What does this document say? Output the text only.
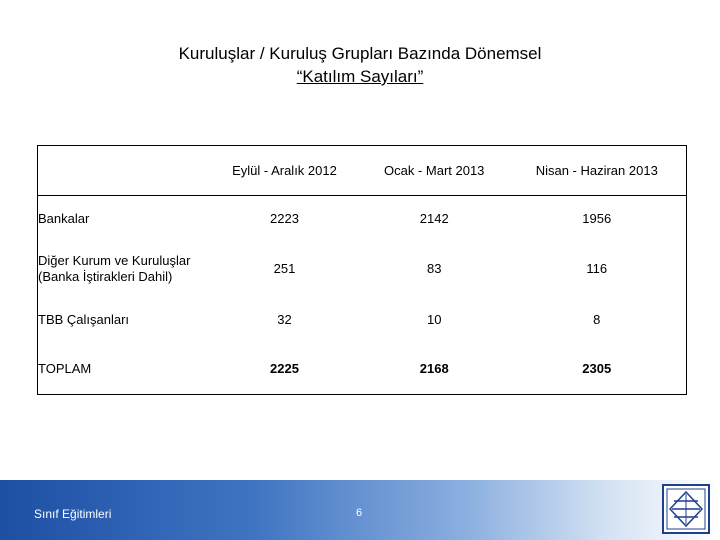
Kuruluşlar / Kuruluş Grupları Bazında Dönemsel
“Katılım Sayıları”
	Eylül - Aralık 2012	Ocak - Mart 2013	Nisan - Haziran 2013
Bankalar	2223	2142	1956
Diğer Kurum ve Kuruluşlar (Banka İştirakleri Dahil)	251	83	116
TBB Çalışanları	32	10	8
TOPLAM	2225	2168	2305
Sınıf Eğitimleri	6
